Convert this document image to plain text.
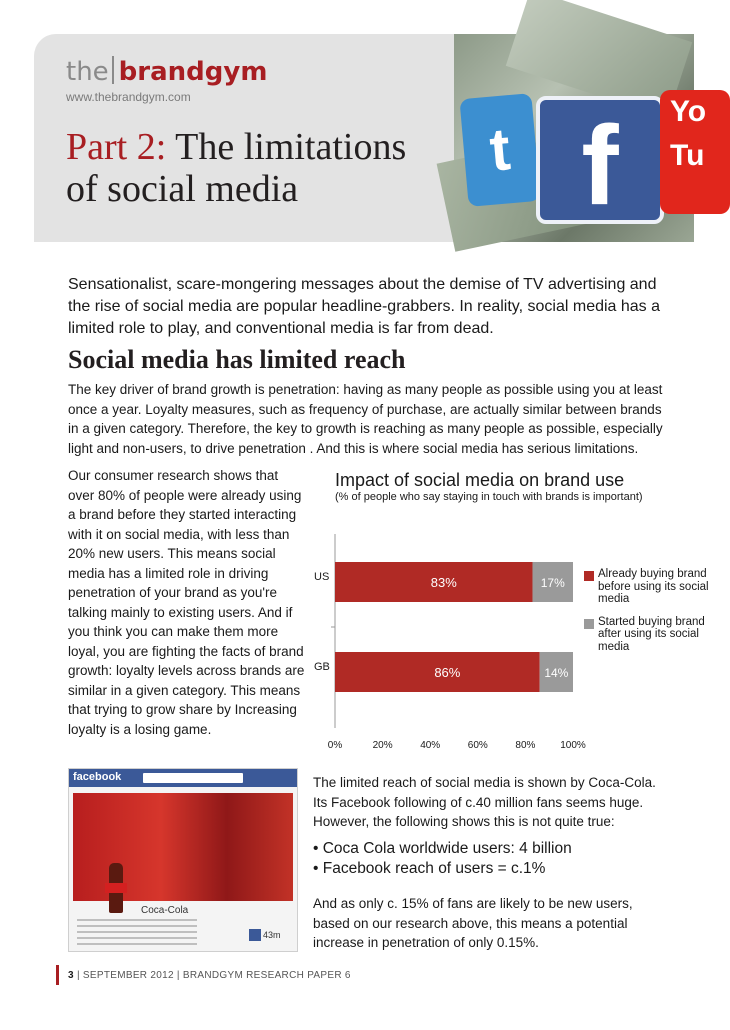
t f	Yo
Tu
the brandgym
www.thebrandgym.com
Part 2: The limitations
of social media
Sensationalist, scare-mongering messages about the demise of TV advertising and the rise of social media are popular headline-grabbers. In reality, social media has a limited role to play, and conventional media is far from dead.
Social media has limited reach
The key driver of brand growth is penetration: having as many people as possible using you at least once a year. Loyalty measures, such as frequency of purchase, are actually similar between brands in a given category. Therefore, the key to growth is reaching as many people as possible, especially light and non-users, to drive penetration . And this is where social media has serious limitations.
Our consumer research shows that over 80% of people were already using a brand before they started interacting with it on social media, with less than 20% new users. This means social media has a limited role in driving penetration of your brand as you're talking mainly to existing users. And if you think you can make them more loyal, you are fighting the facts of brand growth: loyalty levels across brands are similar in a given category. This means that trying to grow share by Increasing loyalty is a losing game.
Impact of social media on brand use
(% of people who say staying in touch with brands is important)
US	83%	17%
GB	86%	14%
0%	20%	40%	60%	80% 100%
Already buying brand before using its social media
Started buying brand after using its social media
facebook
Coca-Cola
43m
The limited reach of social media is shown by Coca-Cola. Its Facebook following of c.40 million fans seems huge. However, the following shows this is not quite true:
• Coca Cola worldwide users: 4 billion
• Facebook reach of users = c.1%
And as only c. 15% of fans are likely to be new users, based on our research above, this means a potential increase in penetration of only 0.15%.
3 | SEPTEMBER 2012 | BRANDGYM RESEARCH PAPER 6
